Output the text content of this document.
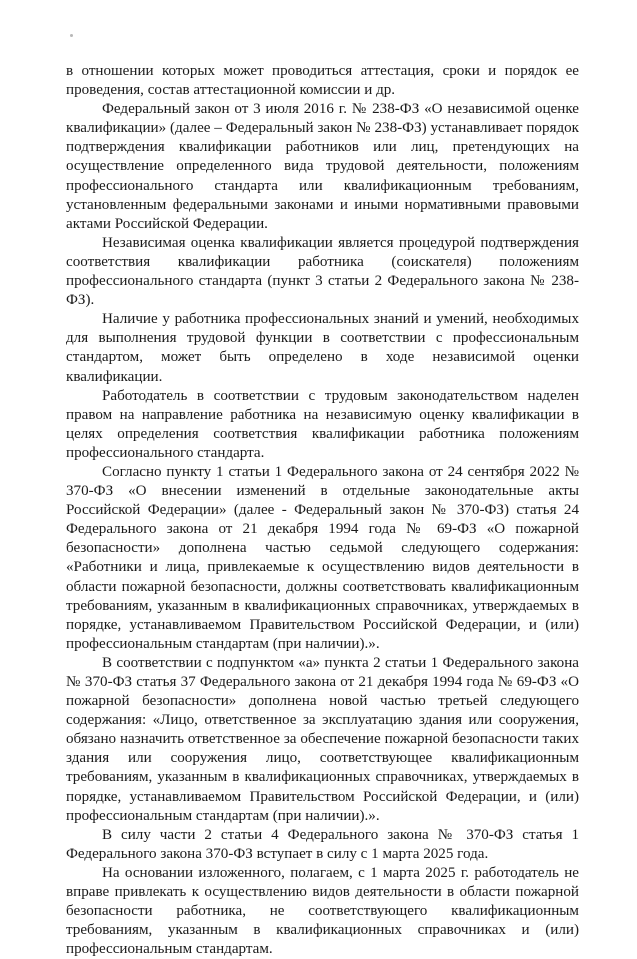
в отношении которых может проводиться аттестация, сроки и порядок ее проведения, состав аттестационной комиссии и др.

Федеральный закон от 3 июля 2016 г. № 238-ФЗ «О независимой оценке квалификации» (далее – Федеральный закон № 238-ФЗ) устанавливает порядок подтверждения квалификации работников или лиц, претендующих на осуществление определенного вида трудовой деятельности, положениям профессионального стандарта или квалификационным требованиям, установленным федеральными законами и иными нормативными правовыми актами Российской Федерации.

Независимая оценка квалификации является процедурой подтверждения соответствия квалификации работника (соискателя) положениям профессионального стандарта (пункт 3 статьи 2 Федерального закона № 238-ФЗ).

Наличие у работника профессиональных знаний и умений, необходимых для выполнения трудовой функции в соответствии с профессиональным стандартом, может быть определено в ходе независимой оценки квалификации.

Работодатель в соответствии с трудовым законодательством наделен правом на направление работника на независимую оценку квалификации в целях определения соответствия квалификации работника положениям профессионального стандарта.

Согласно пункту 1 статьи 1 Федерального закона от 24 сентября 2022 № 370-ФЗ «О внесении изменений в отдельные законодательные акты Российской Федерации» (далее - Федеральный закон № 370-ФЗ) статья 24 Федерального закона от 21 декабря 1994 года № 69-ФЗ «О пожарной безопасности» дополнена частью седьмой следующего содержания: «Работники и лица, привлекаемые к осуществлению видов деятельности в области пожарной безопасности, должны соответствовать квалификационным требованиям, указанным в квалификационных справочниках, утверждаемых в порядке, устанавливаемом Правительством Российской Федерации, и (или) профессиональным стандартам (при наличии).».

В соответствии с подпунктом «а» пункта 2 статьи 1 Федерального закона № 370-ФЗ статья 37 Федерального закона от 21 декабря 1994 года № 69-ФЗ «О пожарной безопасности» дополнена новой частью третьей следующего содержания: «Лицо, ответственное за эксплуатацию здания или сооружения, обязано назначить ответственное за обеспечение пожарной безопасности таких здания или сооружения лицо, соответствующее квалификационным требованиям, указанным в квалификационных справочниках, утверждаемых в порядке, устанавливаемом Правительством Российской Федерации, и (или) профессиональным стандартам (при наличии).».

В силу части 2 статьи 4 Федерального закона № 370-ФЗ статья 1 Федерального закона 370-ФЗ вступает в силу с 1 марта 2025 года.

На основании изложенного, полагаем, с 1 марта 2025 г. работодатель не вправе привлекать к осуществлению видов деятельности в области пожарной безопасности работника, не соответствующего квалификационным требованиям, указанным в квалификационных справочниках и (или) профессиональным стандартам.
